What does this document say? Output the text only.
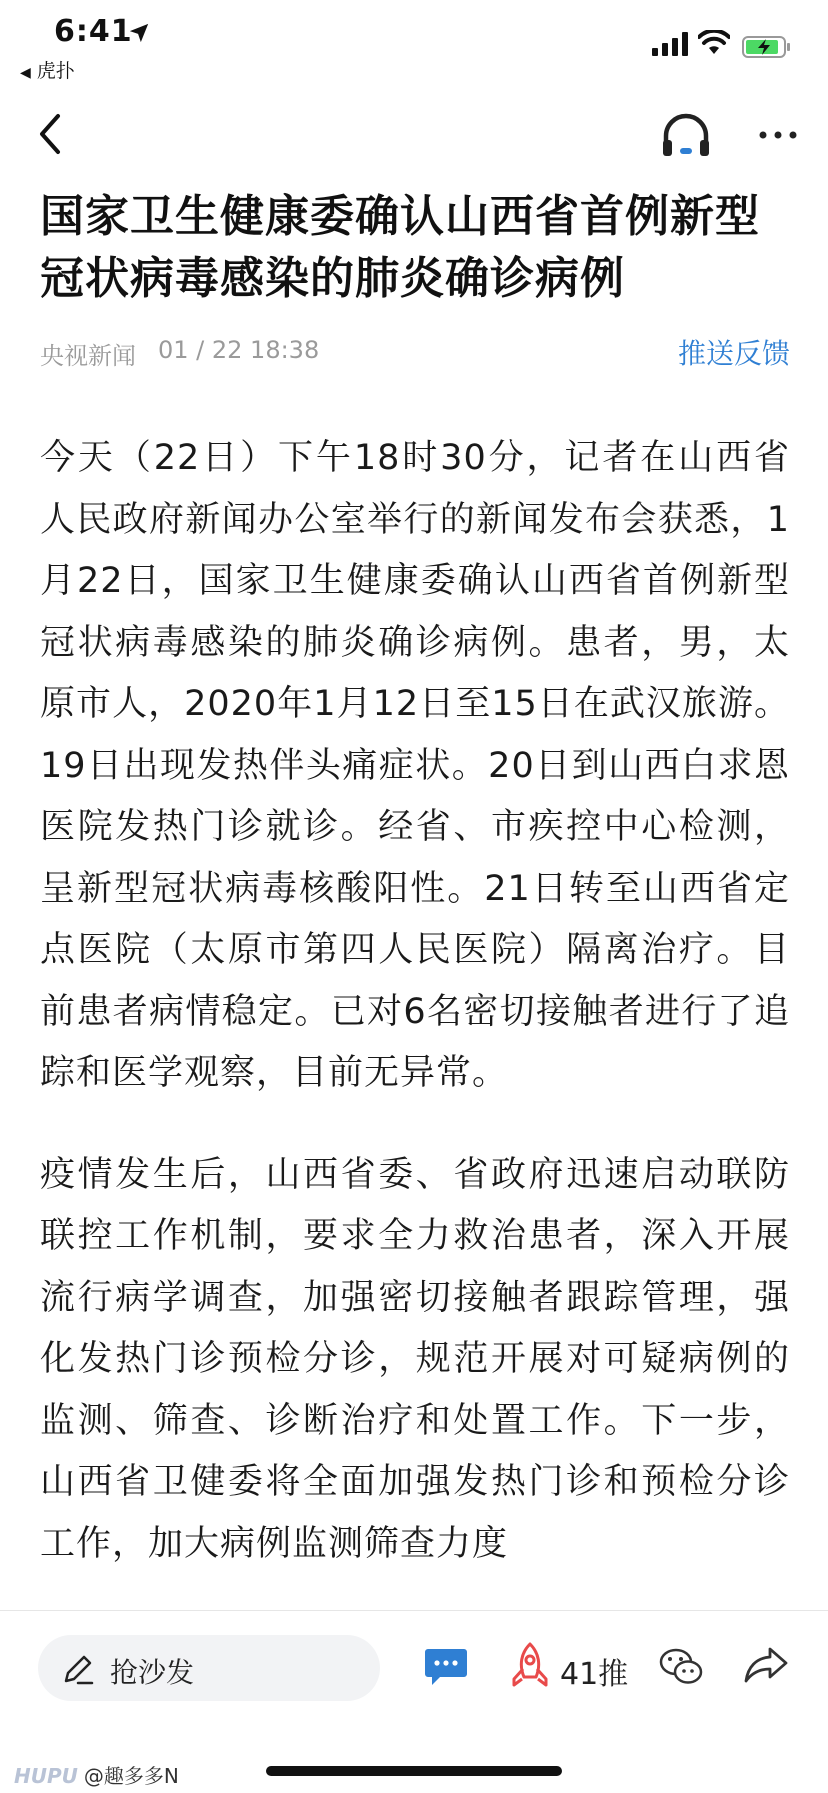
6:41
◀ 虎扑
国家卫生健康委确认山西省首例新型冠状病毒感染的肺炎确诊病例
央视新闻 01 / 22 18:38	推送反馈

今天（22日）下午18时30分，记者在山西省人民政府新闻办公室举行的新闻发布会获悉，1月22日，国家卫生健康委确认山西省首例新型冠状病毒感染的肺炎确诊病例。患者，男，太原市人，2020年1月12日至15日在武汉旅游。19日出现发热伴头痛症状。20日到山西白求恩医院发热门诊就诊。经省、市疾控中心检测，呈新型冠状病毒核酸阳性。21日转至山西省定点医院（太原市第四人民医院）隔离治疗。目前患者病情稳定。已对6名密切接触者进行了追踪和医学观察，目前无异常。

疫情发生后，山西省委、省政府迅速启动联防联控工作机制，要求全力救治患者，深入开展流行病学调查，加强密切接触者跟踪管理，强化发热门诊预检分诊，规范开展对可疑病例的监测、筛查、诊断治疗和处置工作。下一步，山西省卫健委将全面加强发热门诊和预检分诊工作，加大病例监测筛查力度

抢沙发	41推
HUPU @趣多多N
